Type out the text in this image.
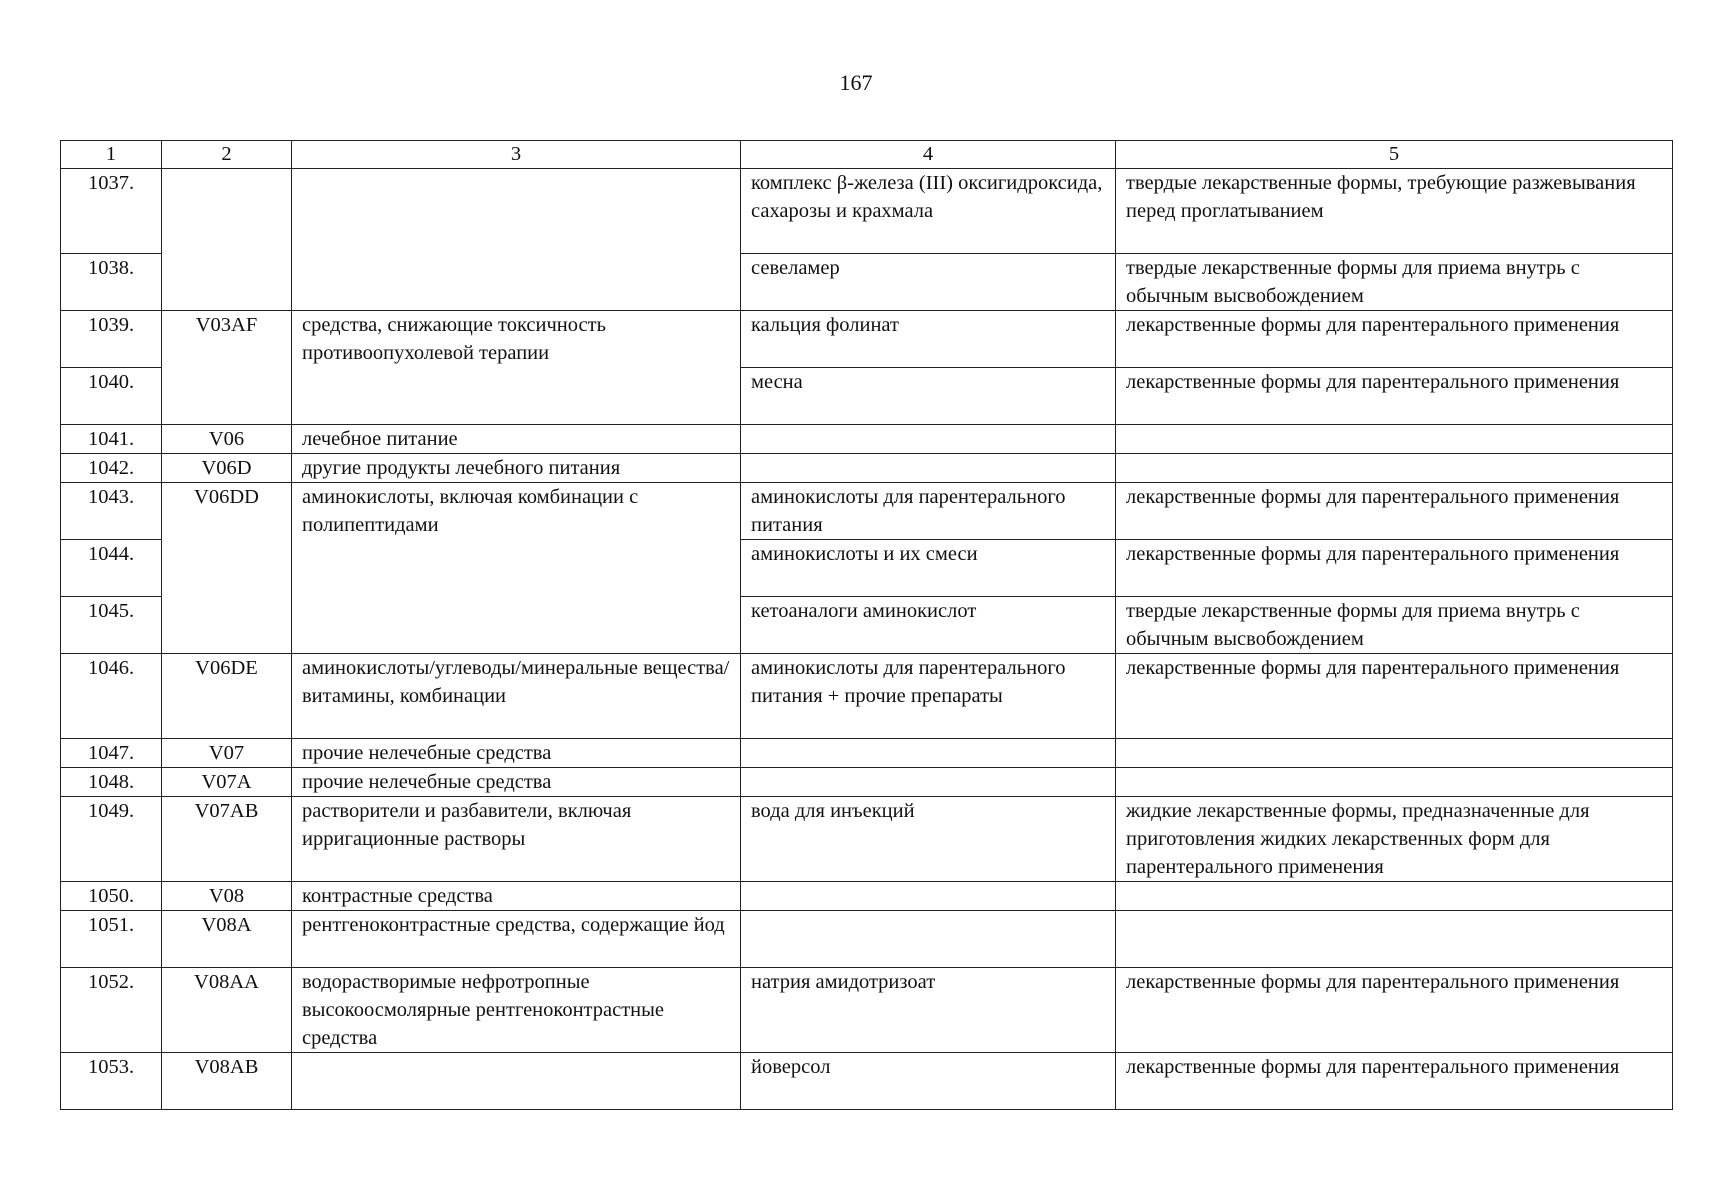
167
1	2	3	4	5
1037.			комплекс β-железа (III) оксигидроксида, сахарозы и крахмала	твердые лекарственные формы, требующие разжевывания перед проглатыванием
1038.			севеламер	твердые лекарственные формы для приема внутрь с обычным высвобождением
1039.	V03AF	средства, снижающие токсичность противоопухолевой терапии	кальция фолинат	лекарственные формы для парентерального применения
1040.			месна	лекарственные формы для парентерального применения
1041.	V06	лечебное питание		
1042.	V06D	другие продукты лечебного питания		
1043.	V06DD	аминокислоты, включая комбинации с полипептидами	аминокислоты для парентерального питания	лекарственные формы для парентерального применения
1044.			аминокислоты и их смеси	лекарственные формы для парентерального применения
1045.			кетоаналоги аминокислот	твердые лекарственные формы для приема внутрь с обычным высвобождением
1046.	V06DE	аминокислоты/углеводы/минеральные вещества/витамины, комбинации	аминокислоты для парентерального питания + прочие препараты	лекарственные формы для парентерального применения
1047.	V07	прочие нелечебные средства		
1048.	V07A	прочие нелечебные средства		
1049.	V07AB	растворители и разбавители, включая ирригационные растворы	вода для инъекций	жидкие лекарственные формы, предназначенные для приготовления жидких лекарственных форм для парентерального применения
1050.	V08	контрастные средства		
1051.	V08A	рентгеноконтрастные средства, содержащие йод		
1052.	V08AA	водорастворимые нефротропные высокоосмолярные рентгеноконтрастные средства	натрия амидотризоат	лекарственные формы для парентерального применения
1053.	V08AB		йоверсол	лекарственные формы для парентерального применения
